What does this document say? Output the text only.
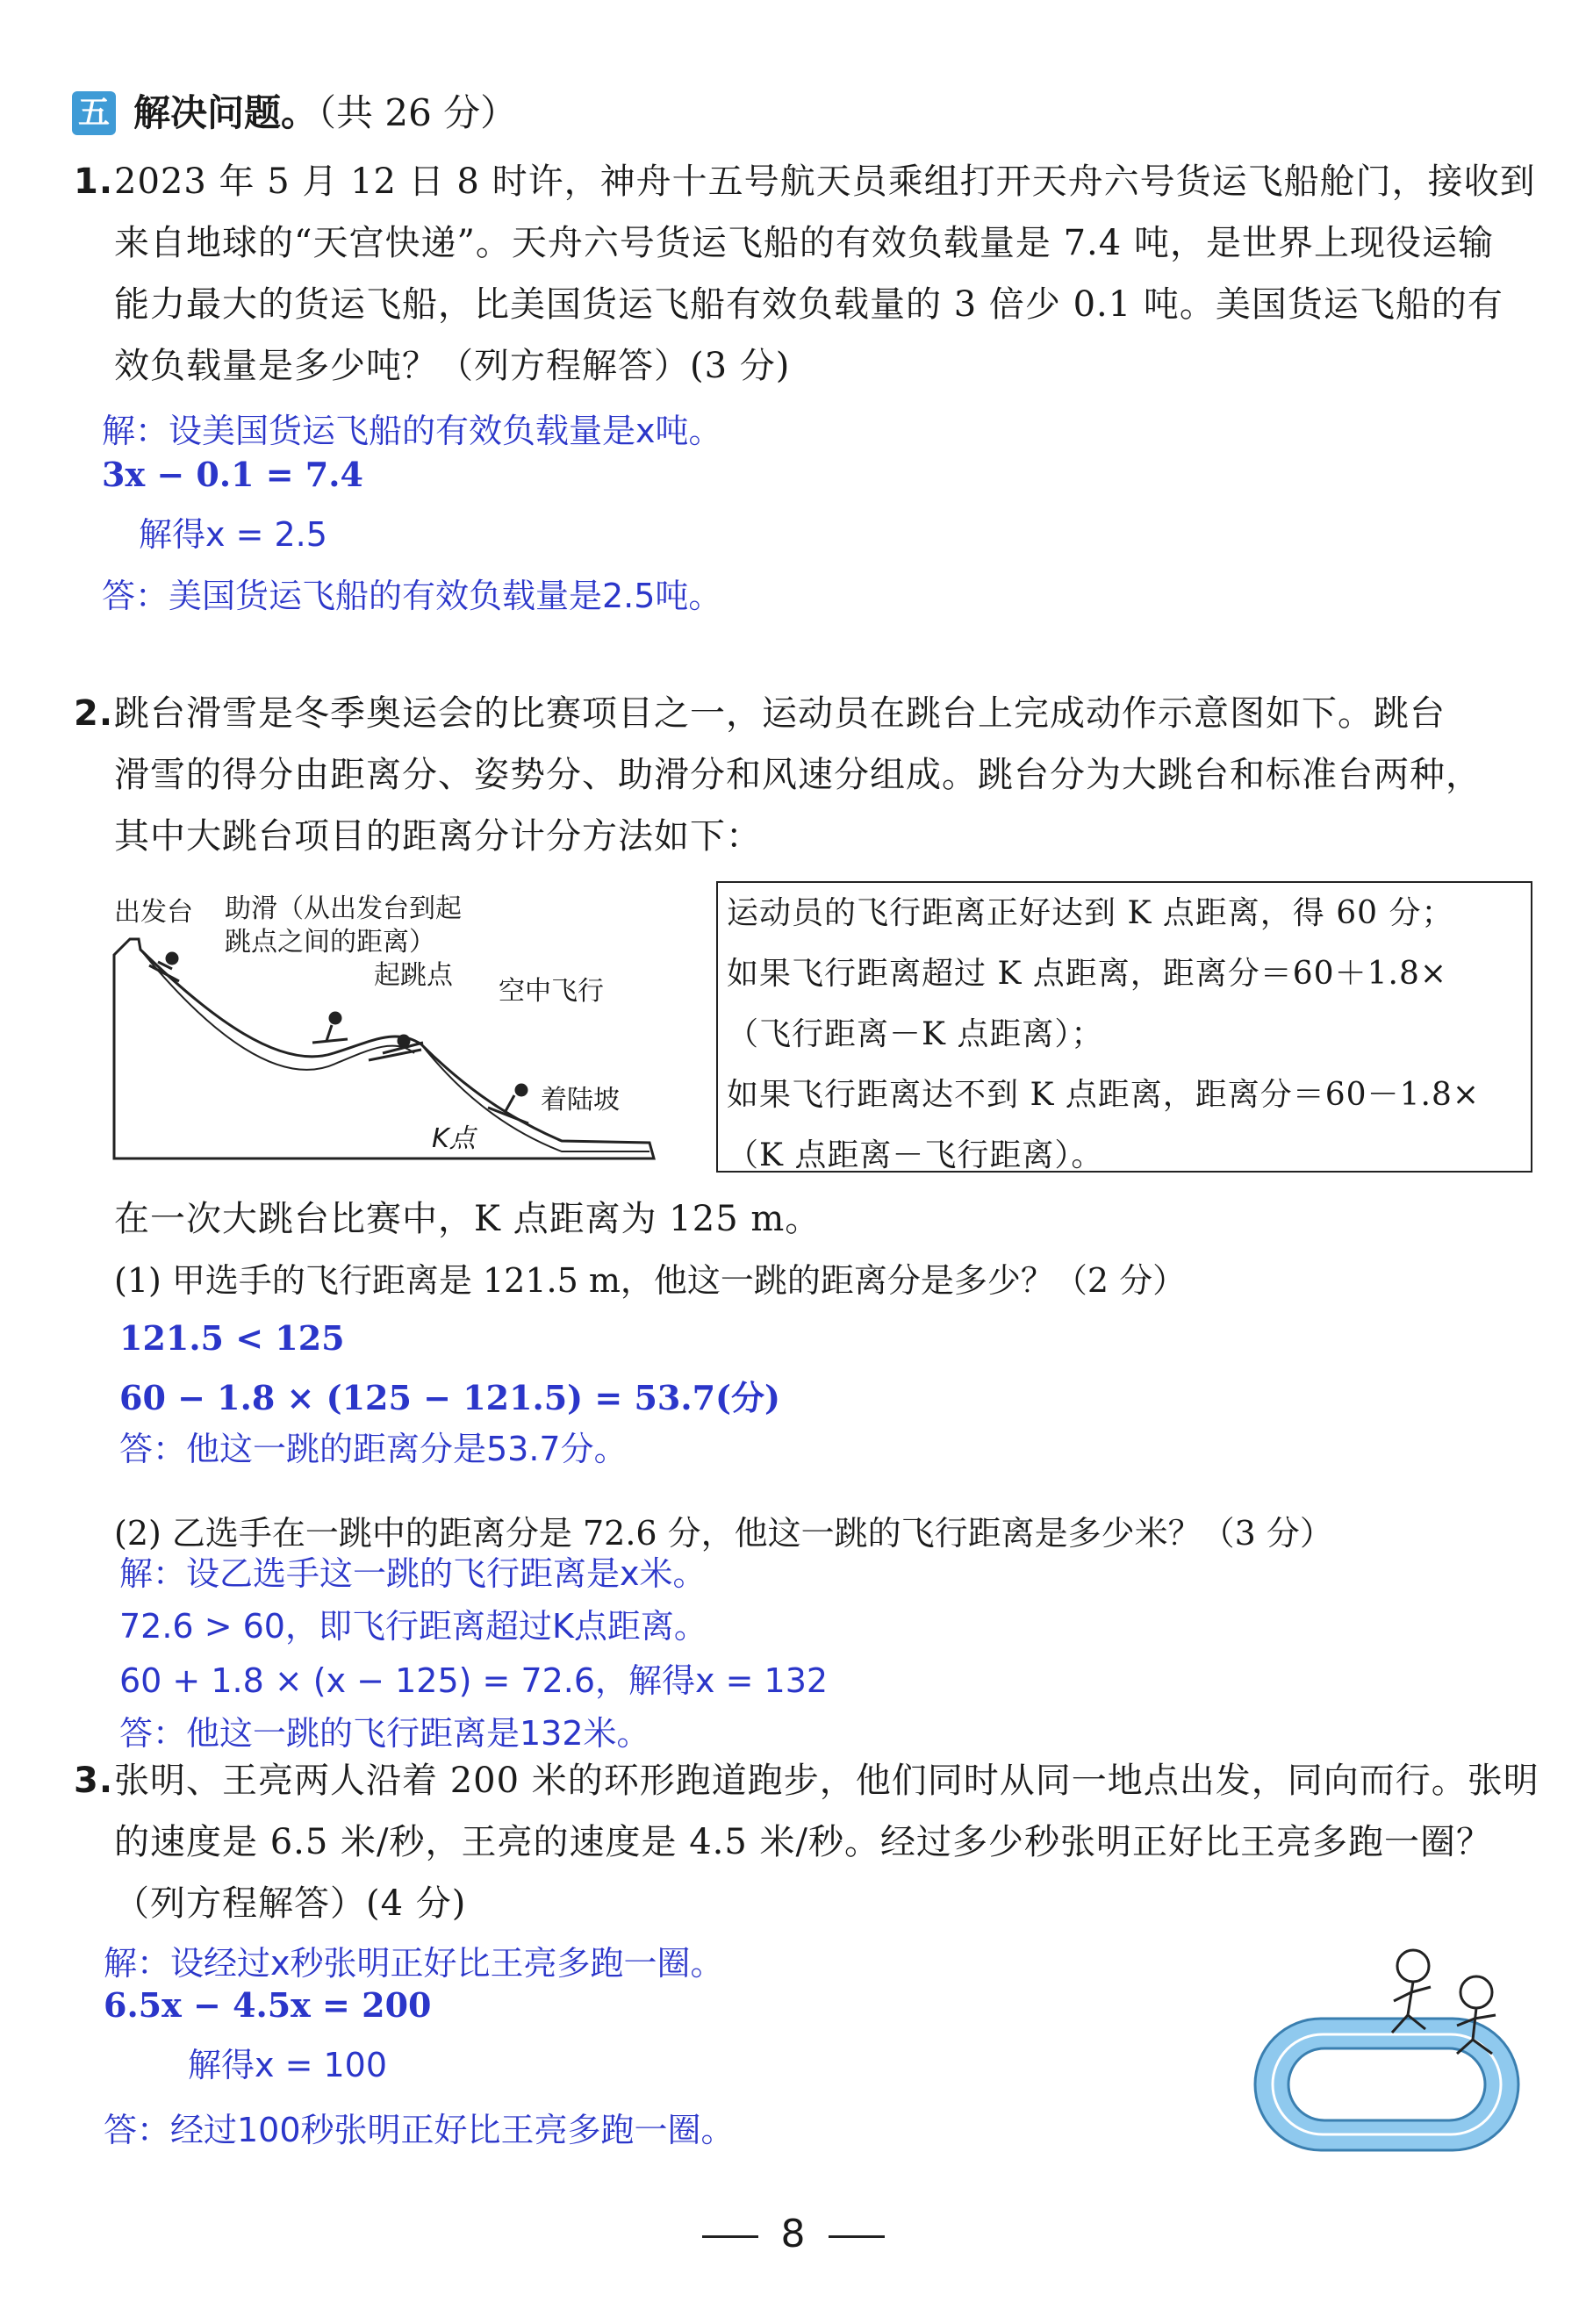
五 解决问题。（共 26 分）
1. 2023 年 5 月 12 日 8 时许，神舟十五号航天员乘组打开天舟六号货运飞船舱门，接收到
来自地球的“天宫快递”。天舟六号货运飞船的有效负载量是 7.4 吨，是世界上现役运输
能力最大的货运飞船，比美国货运飞船有效负载量的 3 倍少 0.1 吨。美国货运飞船的有
效负载量是多少吨？（列方程解答）(3 分)
解：设美国货运飞船的有效负载量是x吨。
3x − 0.1 = 7.4
解得x = 2.5
答：美国货运飞船的有效负载量是2.5吨。
2. 跳台滑雪是冬季奥运会的比赛项目之一，运动员在跳台上完成动作示意图如下。跳台
滑雪的得分由距离分、姿势分、助滑分和风速分组成。跳台分为大跳台和标准台两种，
其中大跳台项目的距离分计分方法如下：
出发台 助滑（从出发台到起
跳点之间的距离）
起跳点
空中飞行
着陆坡
K点
运动员的飞行距离正好达到 K 点距离，得 60 分；
如果飞行距离超过 K 点距离，距离分＝60＋1.8×
（飞行距离－K 点距离）；
如果飞行距离达不到 K 点距离，距离分＝60－1.8×
（K 点距离－飞行距离）。
在一次大跳台比赛中，K 点距离为 125 m。
(1) 甲选手的飞行距离是 121.5 m，他这一跳的距离分是多少？（2 分）
121.5 < 125
60 − 1.8 × (125 − 121.5) = 53.7(分)
答：他这一跳的距离分是53.7分。
(2) 乙选手在一跳中的距离分是 72.6 分，他这一跳的飞行距离是多少米？（3 分）
解：设乙选手这一跳的飞行距离是x米。
72.6 > 60，即飞行距离超过K点距离。
60 + 1.8 × (x − 125) = 72.6，解得x = 132
答：他这一跳的飞行距离是132米。
3. 张明、王亮两人沿着 200 米的环形跑道跑步，他们同时从同一地点出发，同向而行。张明
的速度是 6.5 米/秒，王亮的速度是 4.5 米/秒。经过多少秒张明正好比王亮多跑一圈？
（列方程解答）(4 分)
解：设经过x秒张明正好比王亮多跑一圈。
6.5x − 4.5x = 200
解得x = 100
答：经过100秒张明正好比王亮多跑一圈。
8
